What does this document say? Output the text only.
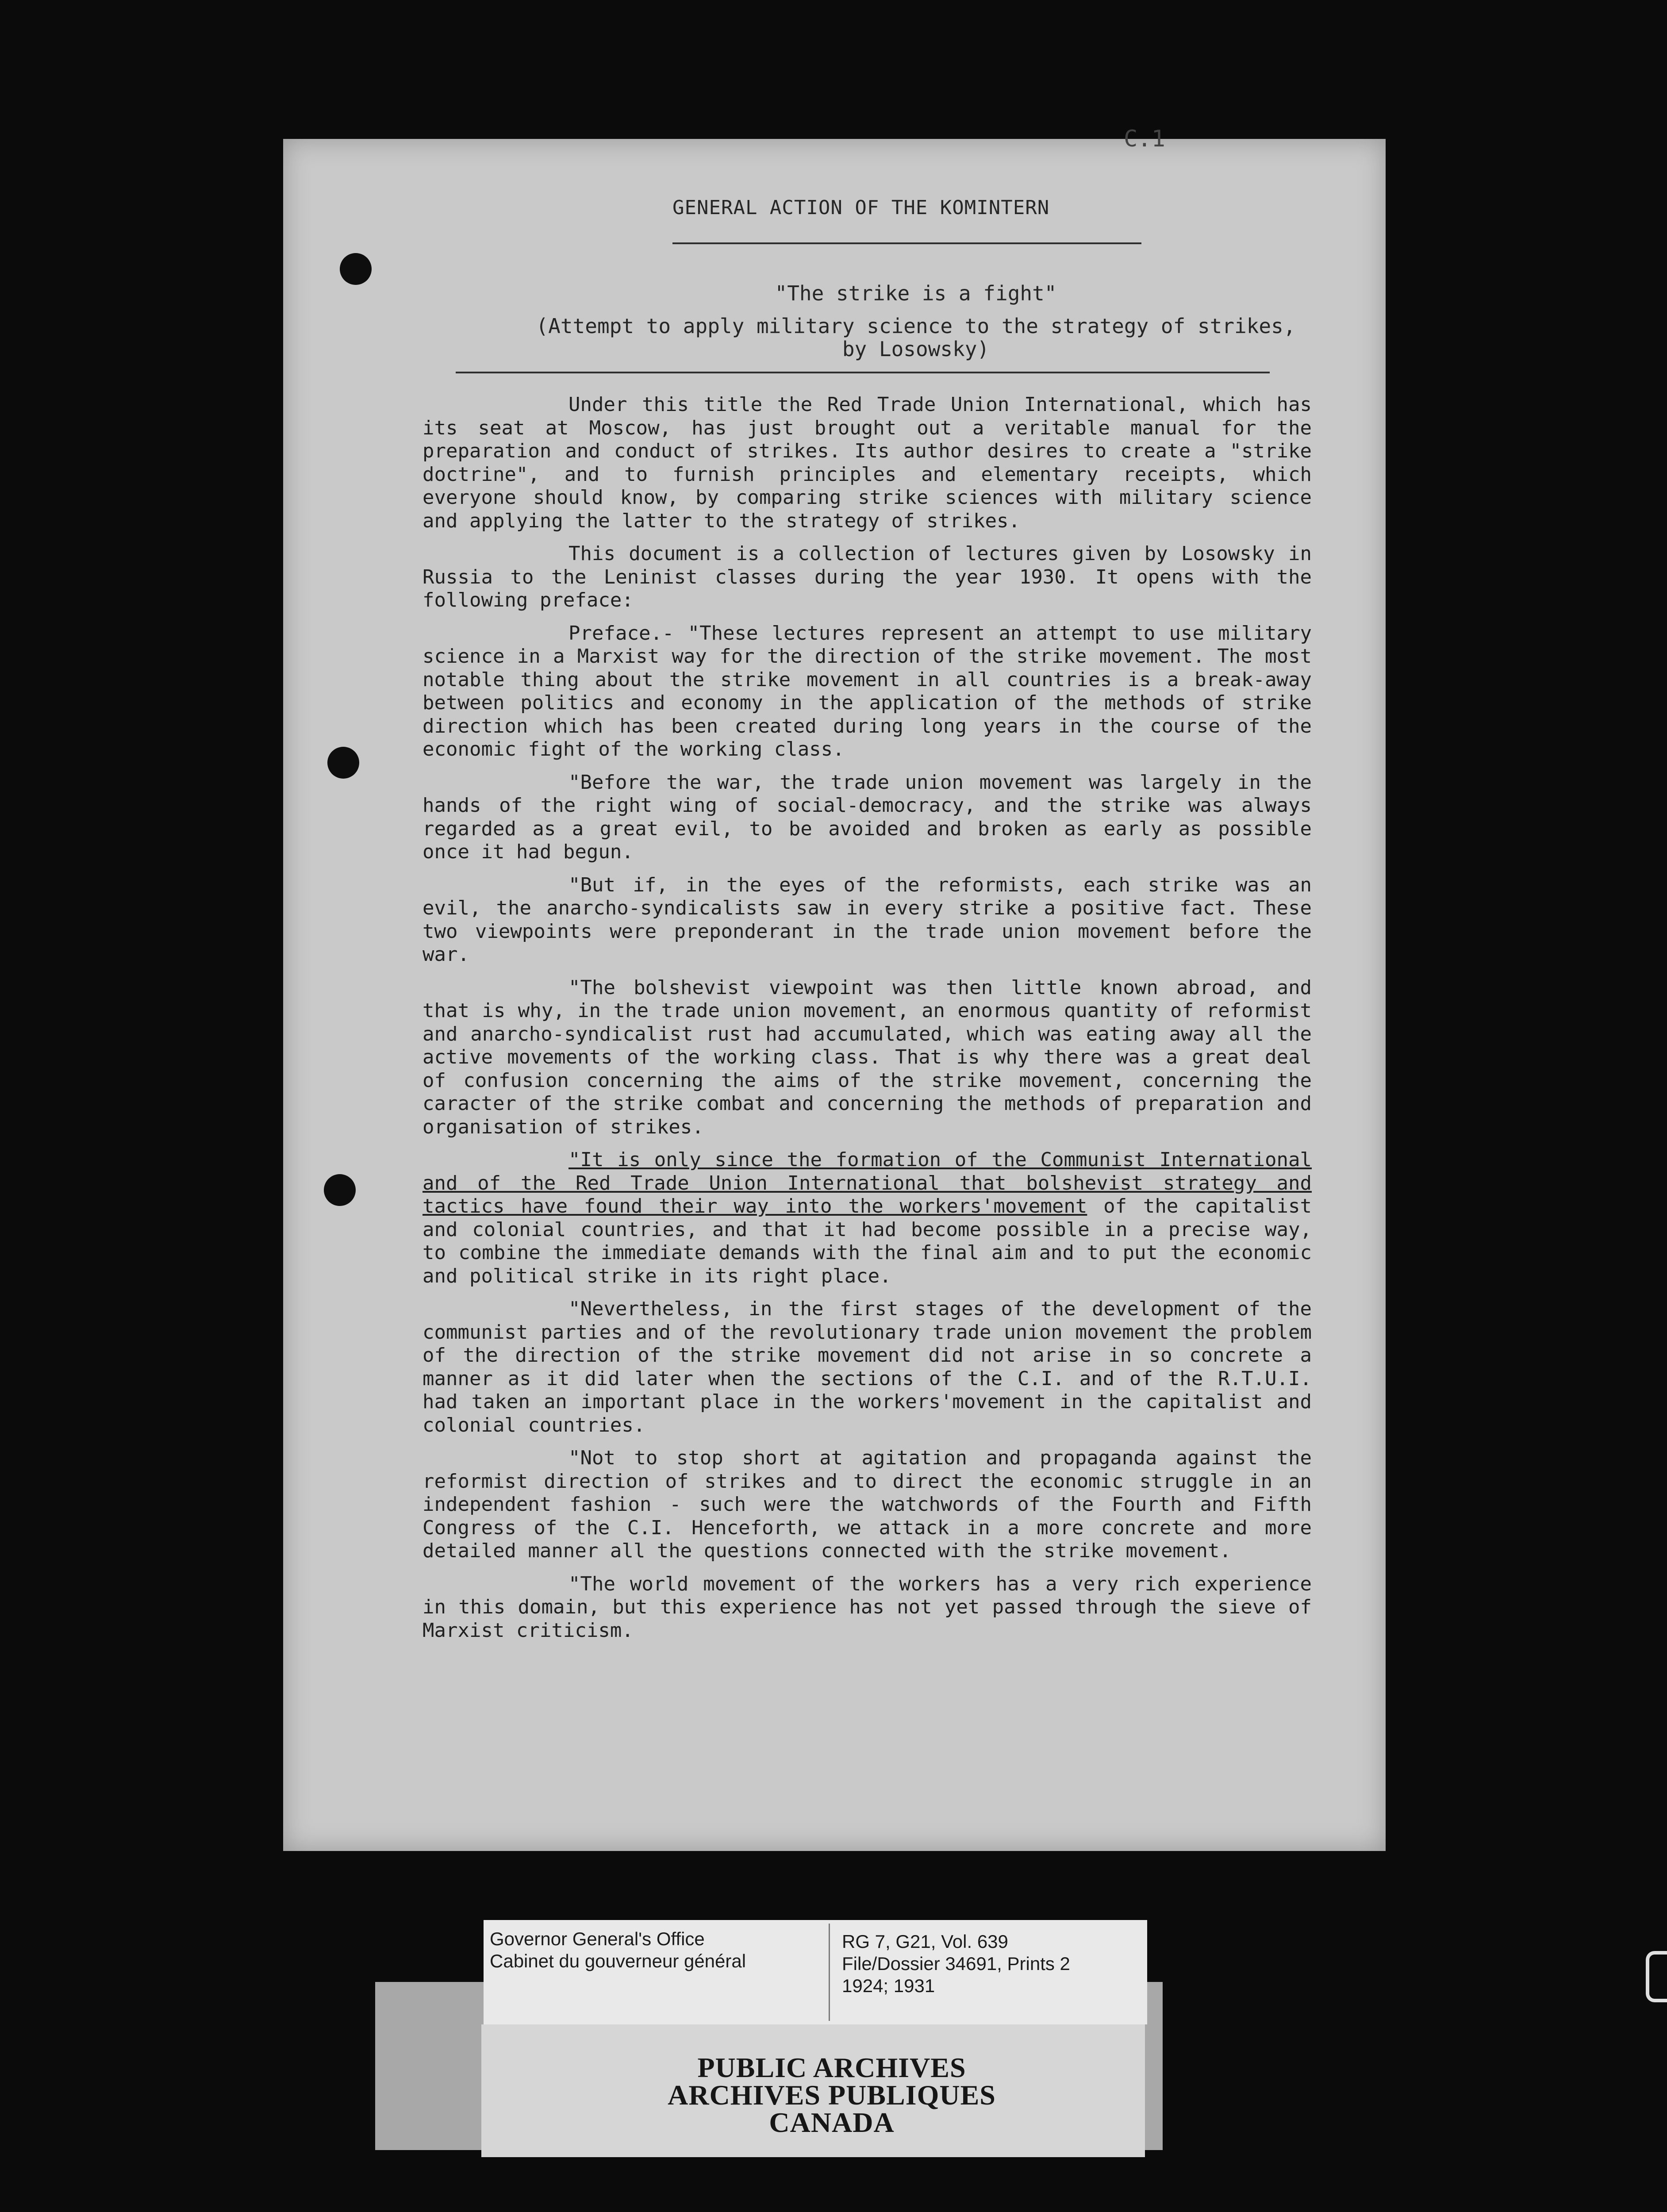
C.1
GENERAL ACTION OF THE KOMINTERN
"The strike is a fight"
(Attempt to apply military science to the strategy of strikes,
by Losowsky)

Under this title the Red Trade Union International, which has its seat at Moscow, has just brought out a veritable manual for the preparation and conduct of strikes. Its author desires to create a "strike doctrine", and to furnish principles and elementary receipts, which everyone should know, by comparing strike sciences with military science and applying the latter to the strategy of strikes.

This document is a collection of lectures given by Losowsky in Russia to the Leninist classes during the year 1930. It opens with the following preface:

Preface.- "These lectures represent an attempt to use military science in a Marxist way for the direction of the strike movement. The most notable thing about the strike movement in all countries is a break-away between politics and economy in the application of the methods of strike direction which has been created during long years in the course of the economic fight of the working class.

"Before the war, the trade union movement was largely in the hands of the right wing of social-democracy, and the strike was always regarded as a great evil, to be avoided and broken as early as possible once it had begun.

"But if, in the eyes of the reformists, each strike was an evil, the anarcho-syndicalists saw in every strike a positive fact. These two viewpoints were preponderant in the trade union movement before the war.

"The bolshevist viewpoint was then little known abroad, and that is why, in the trade union movement, an enormous quantity of reformist and anarcho-syndicalist rust had accumulated, which was eating away all the active movements of the working class. That is why there was a great deal of confusion concerning the aims of the strike movement, concerning the caracter of the strike combat and concerning the methods of preparation and organisation of strikes.

"It is only since the formation of the Communist International and of the Red Trade Union International that bolshevist strategy and tactics have found their way into the workers'movement of the capitalist and colonial countries, and that it had become possible in a precise way, to combine the immediate demands with the final aim and to put the economic and political strike in its right place.

"Nevertheless, in the first stages of the development of the communist parties and of the revolutionary trade union movement the problem of the direction of the strike movement did not arise in so concrete a manner as it did later when the sections of the C.I. and of the R.T.U.I. had taken an important place in the workers'movement in the capitalist and colonial countries.

"Not to stop short at agitation and propaganda against the reformist direction of strikes and to direct the economic struggle in an independent fashion - such were the watchwords of the Fourth and Fifth Congress of the C.I. Henceforth, we attack in a more concrete and more detailed manner all the questions connected with the strike movement.

"The world movement of the workers has a very rich experience in this domain, but this experience has not yet passed through the sieve of Marxist criticism.

PUBLIC ARCHIVES
ARCHIVES PUBLIQUES
CANADA
Governor General's Office
Cabinet du gouverneur général
RG 7, G21, Vol. 639
File/Dossier 34691, Prints 2
1924; 1931
